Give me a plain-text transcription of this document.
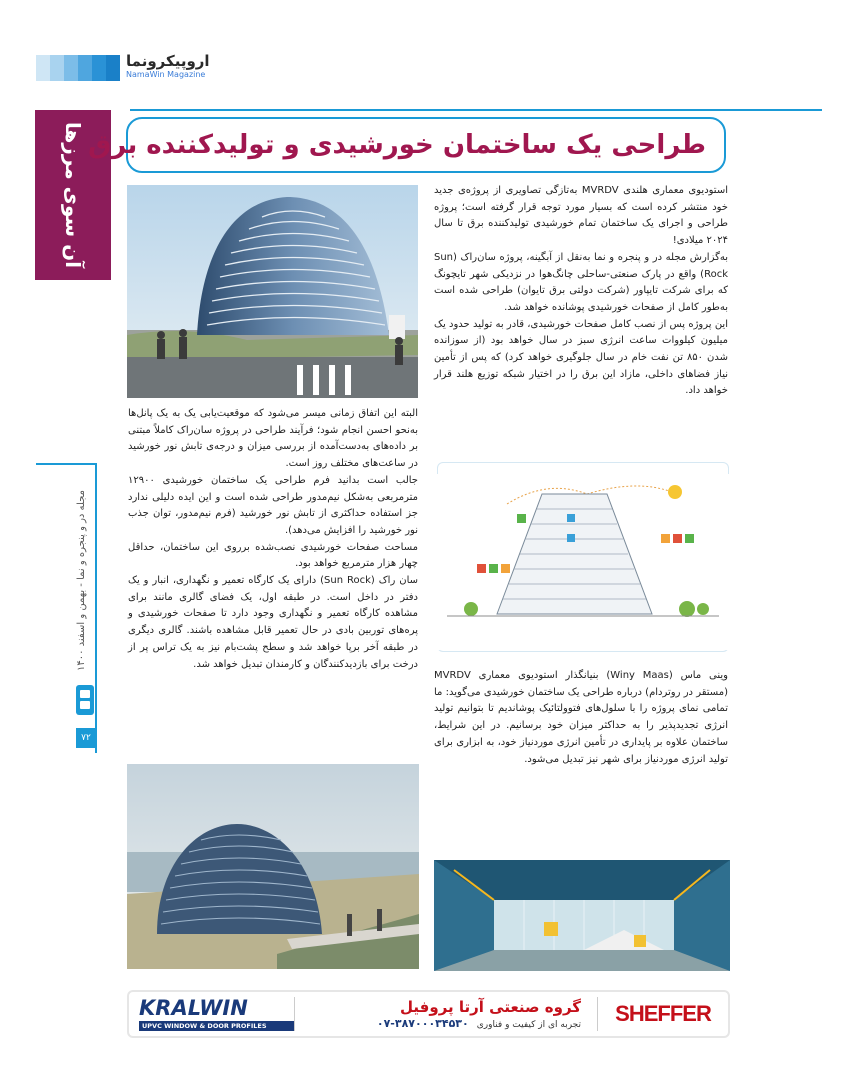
اروپیکرونما
NamaWin Magazine
آن سوی مرزها طراحی یک ساختمان خورشیدی و تولیدکننده برق
مجله در و پنجره و نما - بهمن و اسفند ۱۴۰۰
۷۲

استودیوی معماری هلندی MVRDV به‌تازگی تصاویری از پروژه‌ی جدید خود منتشر کرده است که بسیار مورد توجه قرار گرفته است؛ پروژه طراحی و اجرای یک ساختمان تمام خورشیدی تولیدکننده برق تا سال ۲۰۲۴ میلادی!

به‌گزارش مجله در و پنجره و نما به‌نقل از آبگینه، پروژه سان‌راک (Sun Rock) واقع در پارک صنعتی-ساحلی چانگ‌هوا در نزدیکی شهر تایچونگ که برای شرکت تایپاور (شرکت دولتی برق تایوان) طراحی شده است به‌طور کامل از صفحات خورشیدی پوشانده خواهد شد.

این پروژه پس از نصب کامل صفحات خورشیدی، قادر به تولید حدود یک میلیون کیلووات ساعت انرژی سبز در سال خواهد بود (از سوزانده شدن ۸۵۰ تن نفت خام در سال جلوگیری خواهد کرد) که پس از تأمین نیاز فضاهای داخلی، مازاد این برق را در اختیار شبکه توزیع هلند قرار خواهد داد.

البته این اتفاق زمانی میسر می‌شود که موقعیت‌یابی یک به یک پانل‌ها به‌نحو احسن انجام شود؛ فرآیند طراحی در پروژه سان‌راک کاملاً مبتنی بر داده‌های به‌دست‌آمده از بررسی میزان و درجه‌ی تابش نور خورشید در ساعت‌های مختلف روز است.

جالب است بدانید فرم طراحی یک ساختمان خورشیدی ۱۲۹۰۰ مترمربعی به‌شکل نیم‌مدور طراحی شده است و این ایده دلیلی ندارد جز استفاده حداکثری از تابش نور خورشید (فرم نیم‌مدور، توان جذب نور خورشید را افزایش می‌دهد).

مساحت صفحات خورشیدی نصب‌شده برروی این ساختمان، حداقل چهار هزار مترمربع خواهد بود.

سان راک (Sun Rock) دارای یک کارگاه تعمیر و نگهداری، انبار و یک دفتر در داخل است. در طبقه اول، یک فضای گالری مانند برای مشاهده کارگاه تعمیر و نگهداری وجود دارد تا صفحات خورشیدی و پره‌های توربین بادی در حال تعمیر قابل مشاهده باشند. گالری دیگری در طبقه آخر برپا خواهد شد و سطح پشت‌بام نیز به یک تراس پر از درخت برای بازدیدکنندگان و کارمندان تبدیل خواهد شد.

وینی ماس (Winy Maas) بنیانگذار استودیوی معماری MVRDV (مستقر در روتردام) درباره طراحی یک ساختمان خورشیدی می‌گوید: ما تمامی نمای پروژه را با سلول‌های فتوولتائیک پوشاندیم تا بتوانیم تولید انرژی تجدیدپذیر را به حداکثر میزان خود برسانیم. در این شرایط، ساختمان علاوه بر پایداری در تأمین انرژی موردنیاز خود، به ابزاری برای تولید انرژی موردنیاز برای شهر نیز تبدیل می‌شود.

KRALWIN
UPVC WINDOW & DOOR PROFILES
گروه صنعتی آرتا پروفیل
تجربه ای از کیفیت و فناوری۰۷-۳۸۷۰۰۰۳۴۵۳۰	SHEFFER
